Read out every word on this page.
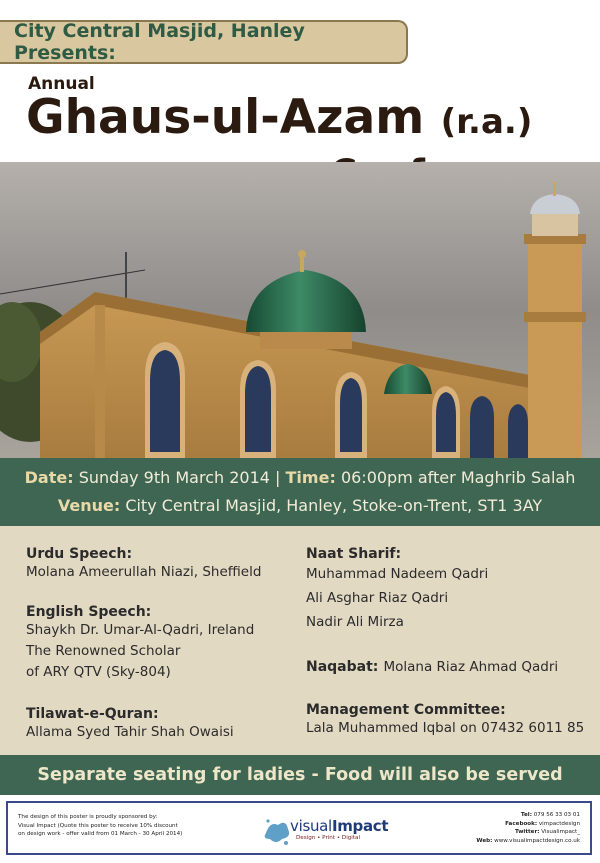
City Central Masjid, Hanley Presents:
Annual
Ghaus-ul-Azam (r.a.)
Date: Sunday 9th March 2014 | Time: 06:00pm after Maghrib Salah
Venue: City Central Masjid, Hanley, Stoke-on-Trent, ST1 3AY

Urdu Speech:

Molana Ameerullah Niazi, Sheffield

English Speech:

Shaykh Dr. Umar-Al-Qadri, Ireland

The Renowned Scholar

of ARY QTV (Sky-804)

Tilawat-e-Quran:

Allama Syed Tahir Shah Owaisi

Naat Sharif:

Muhammad Nadeem Qadri

Ali Asghar Riaz Qadri

Nadir Ali Mirza

Naqabat: Molana Riaz Ahmad Qadri

Management Committee:

Lala Muhammed Iqbal on 07432 6011 85

Separate seating for ladies - Food will also be served
The design of this poster is proudly sponsored by:
Visual Impact (Quote this poster to receive 10% discount
on design work - offer valid from 01 March - 30 April 2014)	visualImpact
Design • Print • Digital
Tel: 079 56 33 03 01
Facebook: vimpactdesign
Twitter: Visualimpact_
Web: www.visualimpactdesign.co.uk
